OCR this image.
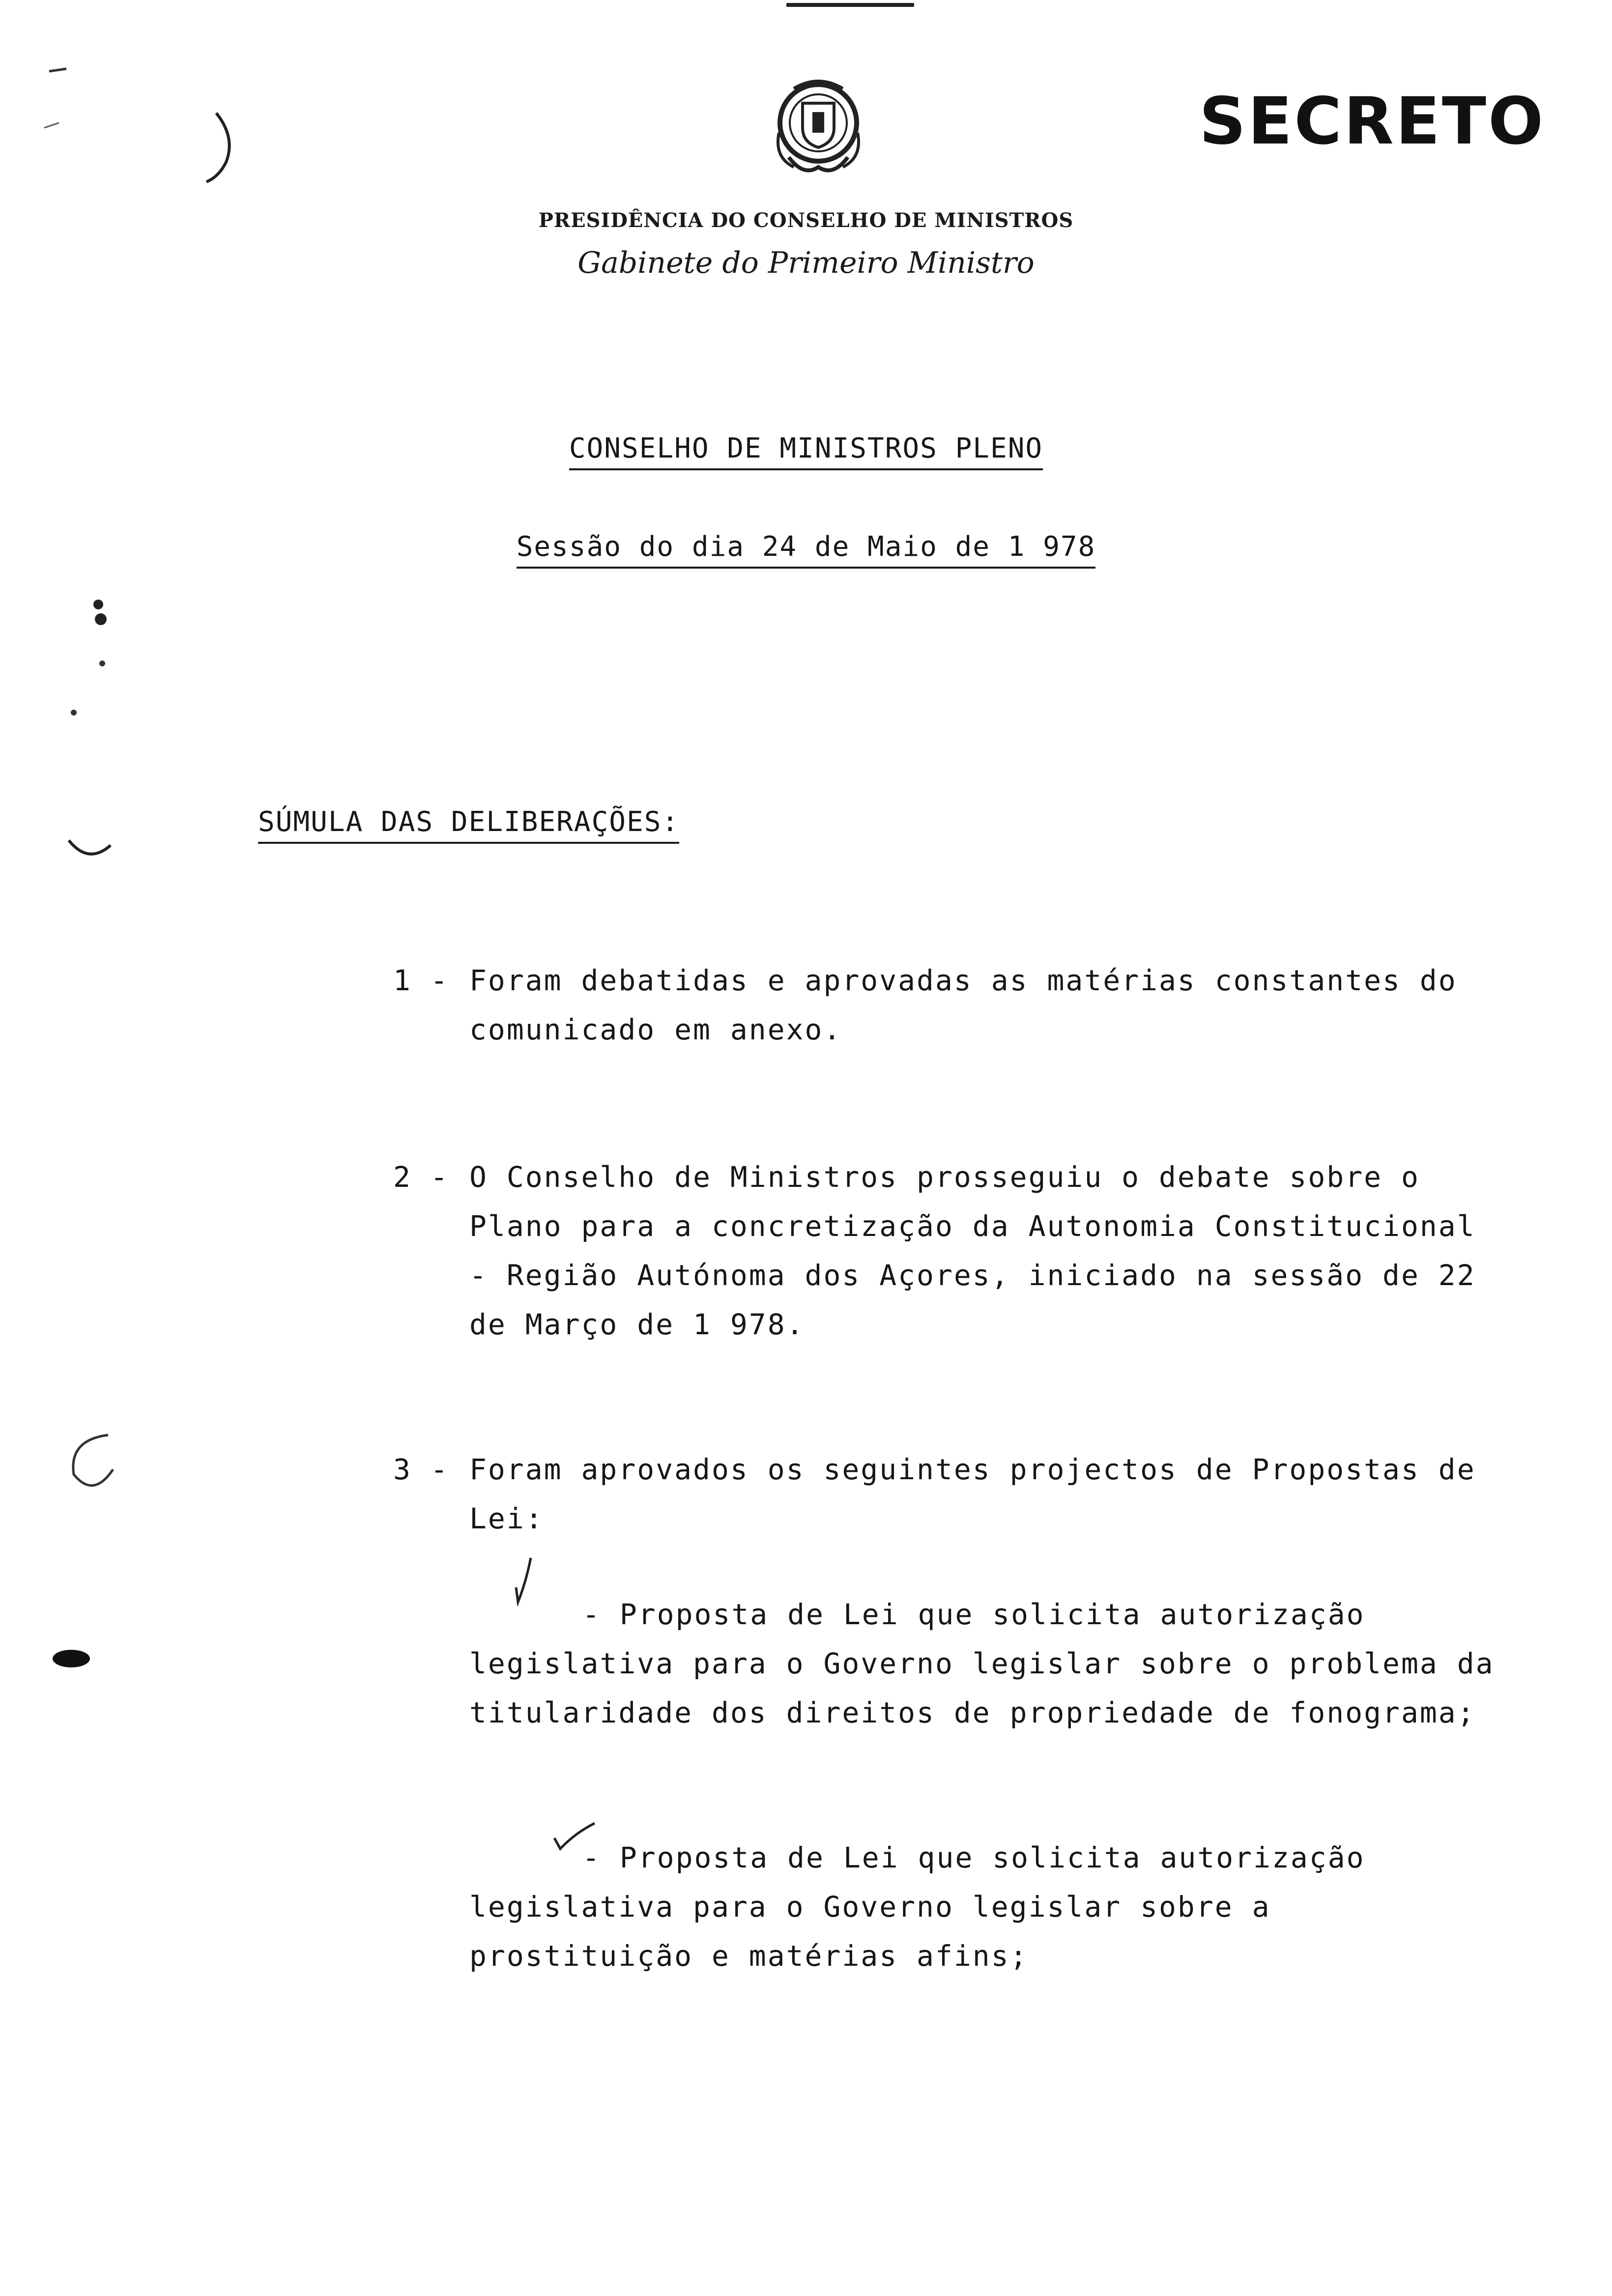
SECRETO
PRESIDÊNCIA DO CONSELHO DE MINISTROS
Gabinete do Primeiro Ministro
CONSELHO DE MINISTROS PLENO
Sessão do dia 24 de Maio de 1 978
SÚMULA DAS DELIBERAÇÕES:

1 -

Foram debatidas e aprovadas as matérias constantes do comunicado em anexo.

2 -

O Conselho de Ministros prosseguiu o debate sobre o Plano para a concretização da Autonomia Constitucional - Região Autónoma dos Açores, iniciado na sessão de 22 de Março de 1 978.

3 -

Foram aprovados os seguintes projectos de Propostas de Lei:

- Proposta de Lei que solicita autorização
legislativa para o Governo legislar sobre o problema da titularidade dos direitos de propriedade de fonograma;
- Proposta de Lei que solicita autorização
legislativa para o Governo legislar sobre a prostituição e matérias afins;
